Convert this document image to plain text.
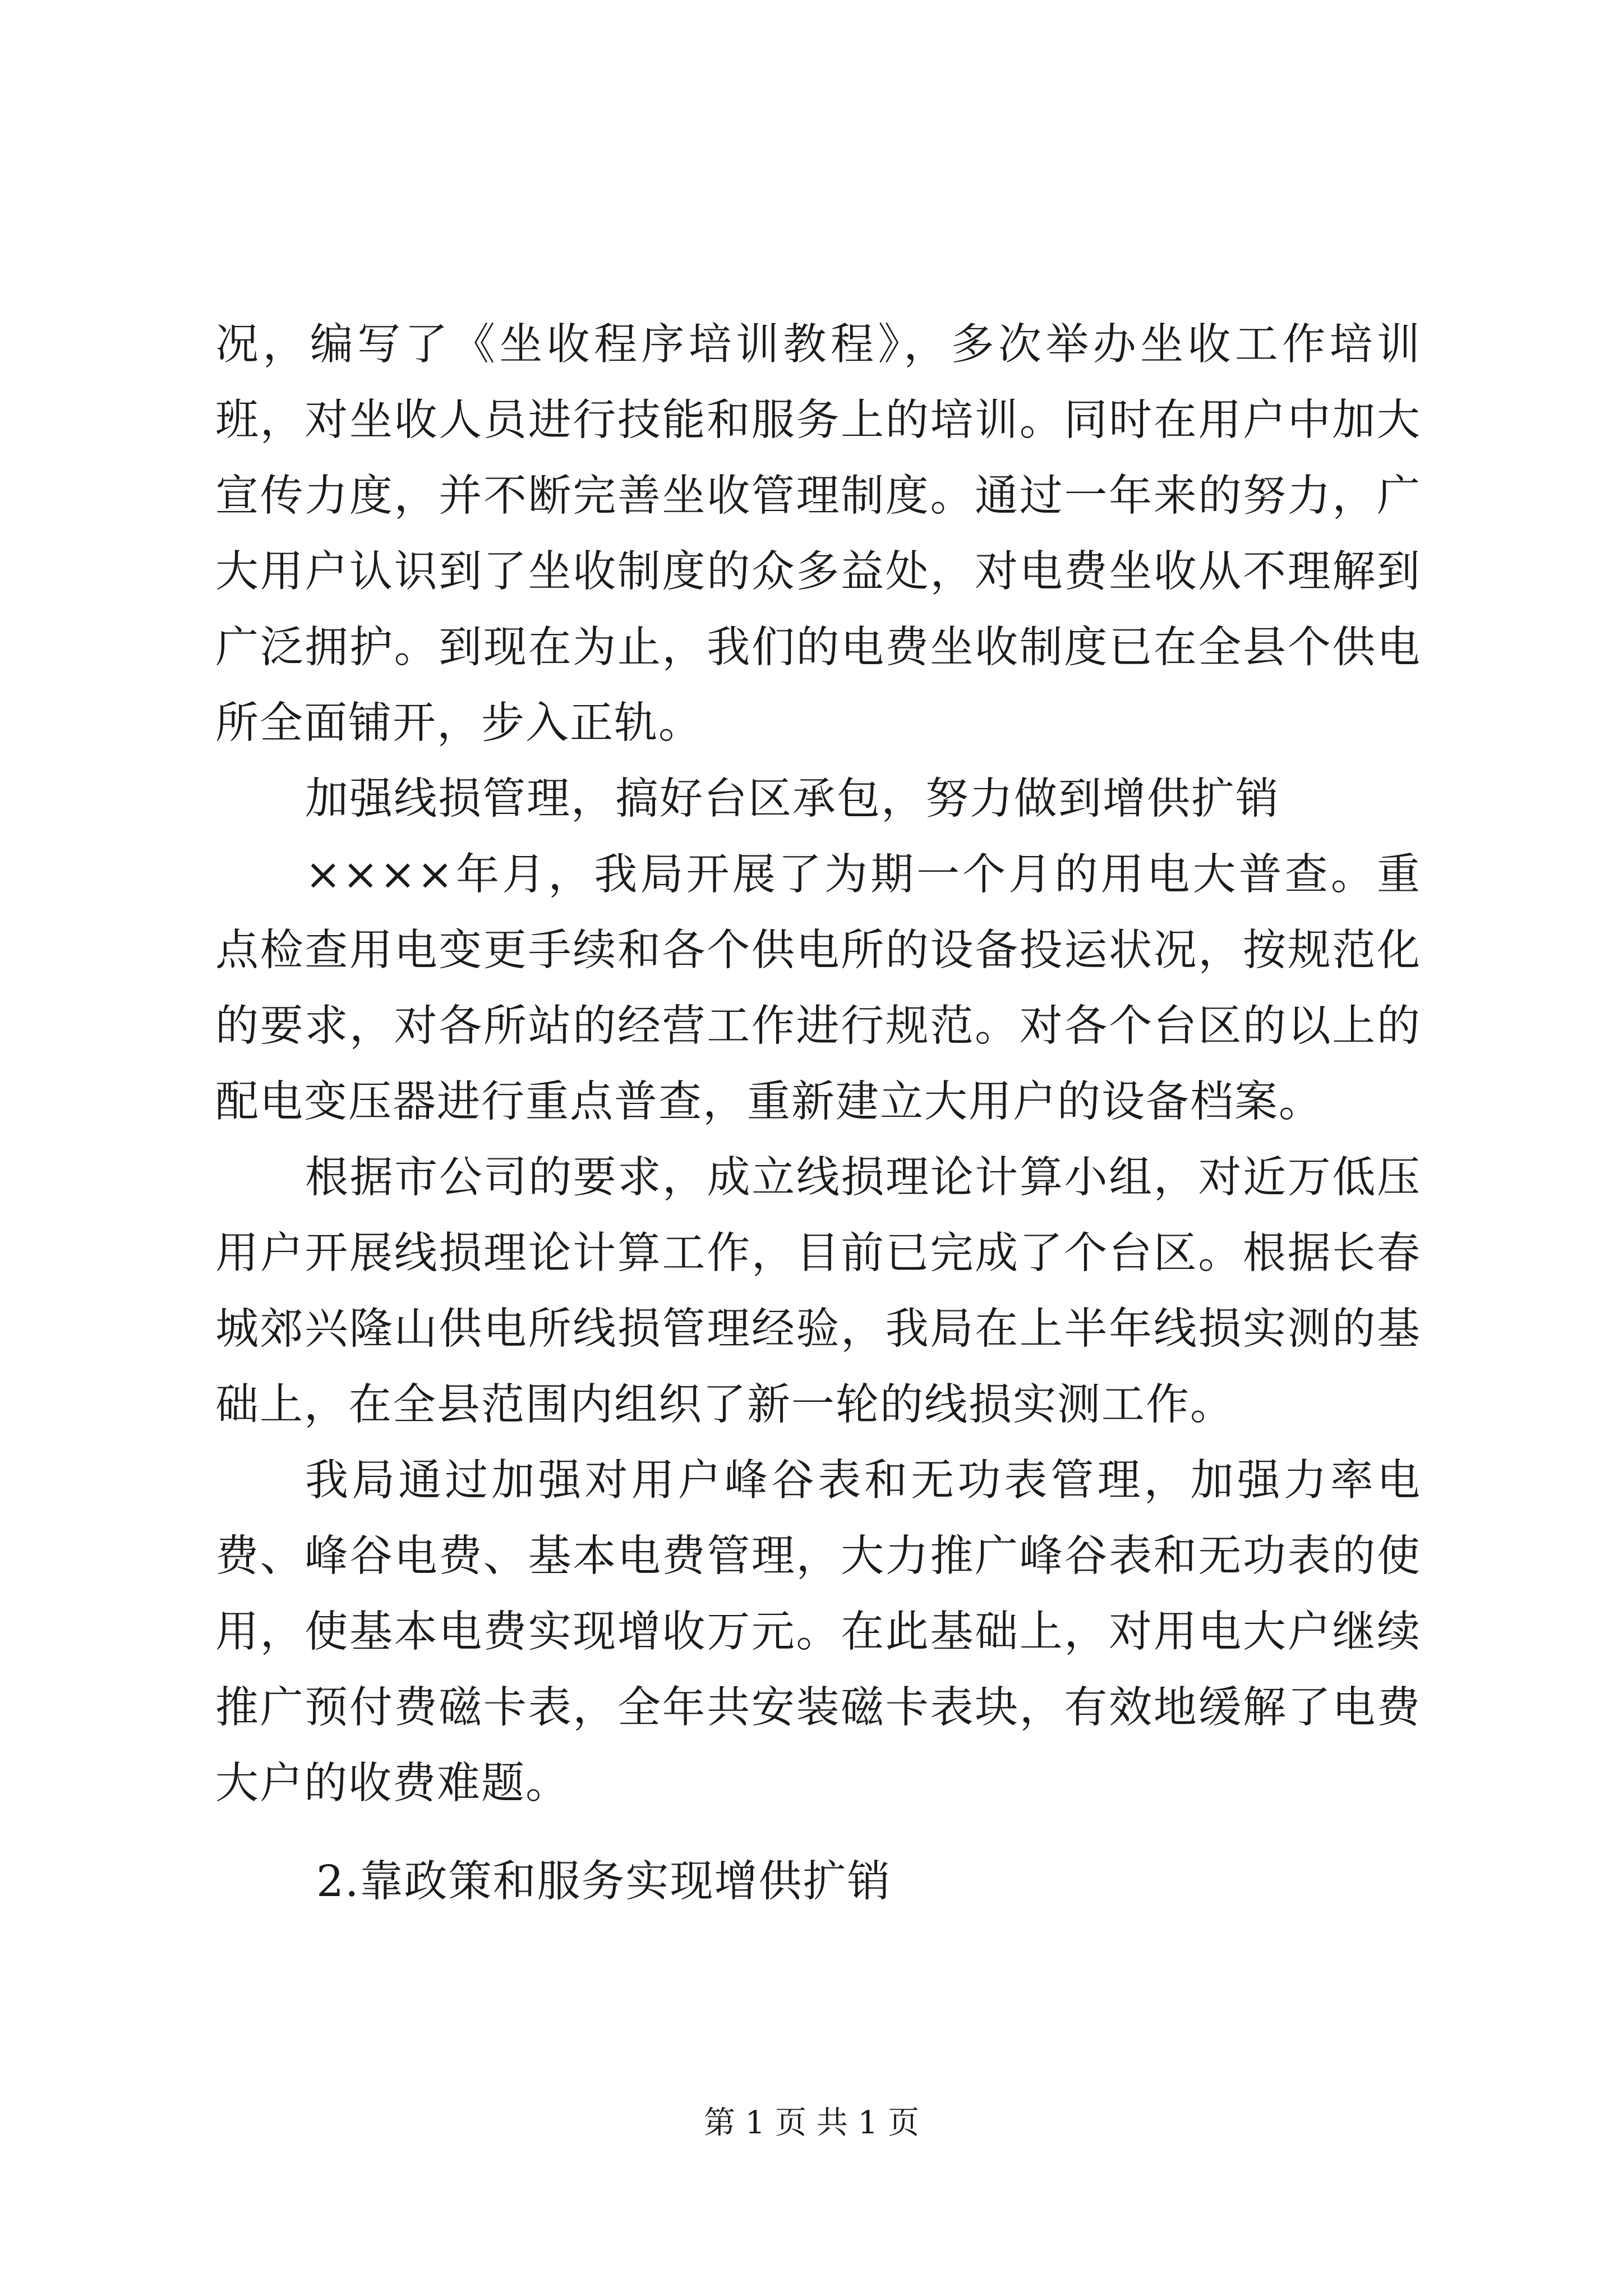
况，编写了《坐收程序培训教程》，多次举办坐收工作培训班，对坐收人员进行技能和服务上的培训。同时在用户中加大宣传力度，并不断完善坐收管理制度。通过一年来的努力，广大用户认识到了坐收制度的众多益处，对电费坐收从不理解到广泛拥护。到现在为止，我们的电费坐收制度已在全县个供电所全面铺开，步入正轨。

加强线损管理，搞好台区承包，努力做到增供扩销

××××年月，我局开展了为期一个月的用电大普查。重点检查用电变更手续和各个供电所的设备投运状况，按规范化的要求，对各所站的经营工作进行规范。对各个台区的以上的配电变压器进行重点普查，重新建立大用户的设备档案。

根据市公司的要求，成立线损理论计算小组，对近万低压用户开展线损理论计算工作，目前已完成了个台区。根据长春城郊兴隆山供电所线损管理经验，我局在上半年线损实测的基础上，在全县范围内组织了新一轮的线损实测工作。

我局通过加强对用户峰谷表和无功表管理，加强力率电费、峰谷电费、基本电费管理，大力推广峰谷表和无功表的使用，使基本电费实现增收万元。在此基础上，对用电大户继续推广预付费磁卡表，全年共安装磁卡表块，有效地缓解了电费大户的收费难题。

2.靠政策和服务实现增供扩销

第 1 页 共 1 页
